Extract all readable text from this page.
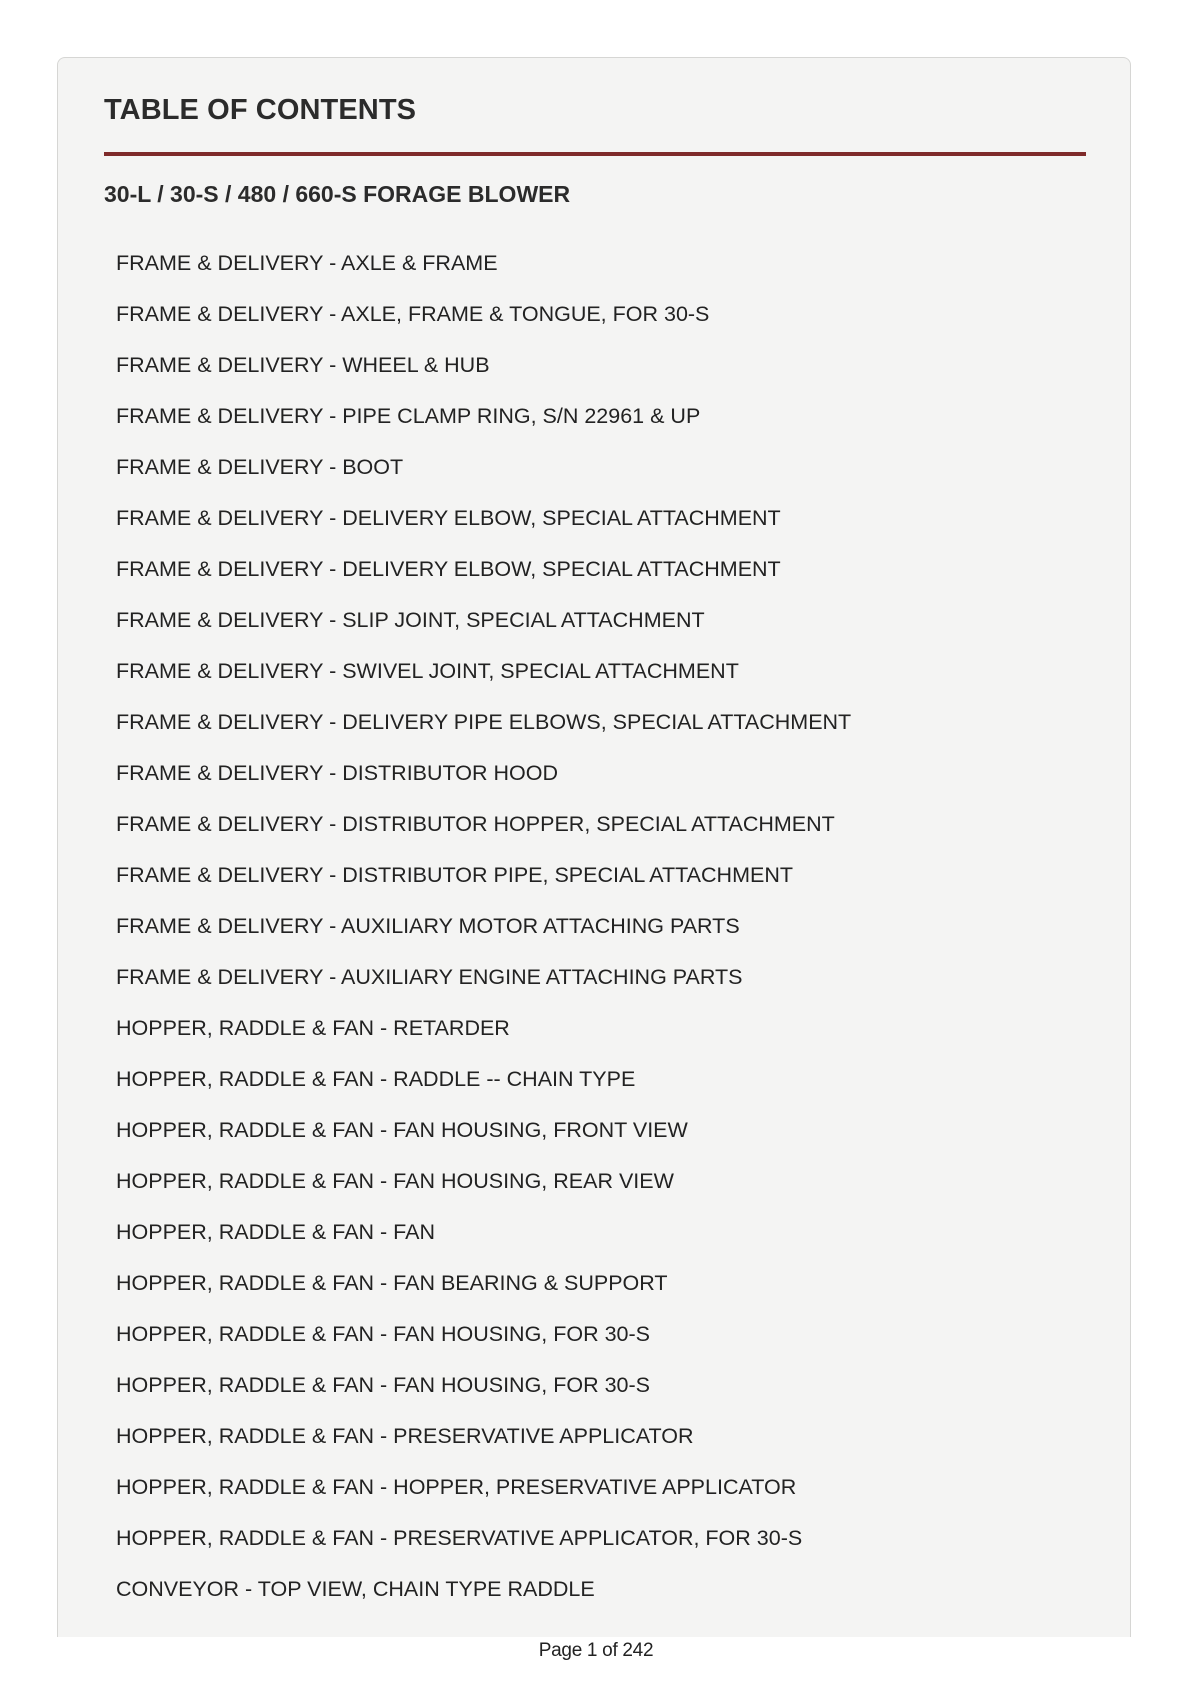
TABLE OF CONTENTS
30-L / 30-S / 480 / 660-S FORAGE BLOWER
FRAME & DELIVERY - AXLE & FRAME
FRAME & DELIVERY - AXLE, FRAME & TONGUE, FOR 30-S
FRAME & DELIVERY - WHEEL & HUB
FRAME & DELIVERY - PIPE CLAMP RING, S/N 22961 & UP
FRAME & DELIVERY - BOOT
FRAME & DELIVERY - DELIVERY ELBOW, SPECIAL ATTACHMENT
FRAME & DELIVERY - DELIVERY ELBOW, SPECIAL ATTACHMENT
FRAME & DELIVERY - SLIP JOINT, SPECIAL ATTACHMENT
FRAME & DELIVERY - SWIVEL JOINT, SPECIAL ATTACHMENT
FRAME & DELIVERY - DELIVERY PIPE ELBOWS, SPECIAL ATTACHMENT
FRAME & DELIVERY - DISTRIBUTOR HOOD
FRAME & DELIVERY - DISTRIBUTOR HOPPER, SPECIAL ATTACHMENT
FRAME & DELIVERY - DISTRIBUTOR PIPE, SPECIAL ATTACHMENT
FRAME & DELIVERY - AUXILIARY MOTOR ATTACHING PARTS
FRAME & DELIVERY - AUXILIARY ENGINE ATTACHING PARTS
HOPPER, RADDLE & FAN - RETARDER
HOPPER, RADDLE & FAN - RADDLE -- CHAIN TYPE
HOPPER, RADDLE & FAN - FAN HOUSING, FRONT VIEW
HOPPER, RADDLE & FAN - FAN HOUSING, REAR VIEW
HOPPER, RADDLE & FAN - FAN
HOPPER, RADDLE & FAN - FAN BEARING & SUPPORT
HOPPER, RADDLE & FAN - FAN HOUSING, FOR 30-S
HOPPER, RADDLE & FAN - FAN HOUSING, FOR 30-S
HOPPER, RADDLE & FAN - PRESERVATIVE APPLICATOR
HOPPER, RADDLE & FAN - HOPPER, PRESERVATIVE APPLICATOR
HOPPER, RADDLE & FAN - PRESERVATIVE APPLICATOR, FOR 30-S
CONVEYOR - TOP VIEW, CHAIN TYPE RADDLE
Page 1 of 242
